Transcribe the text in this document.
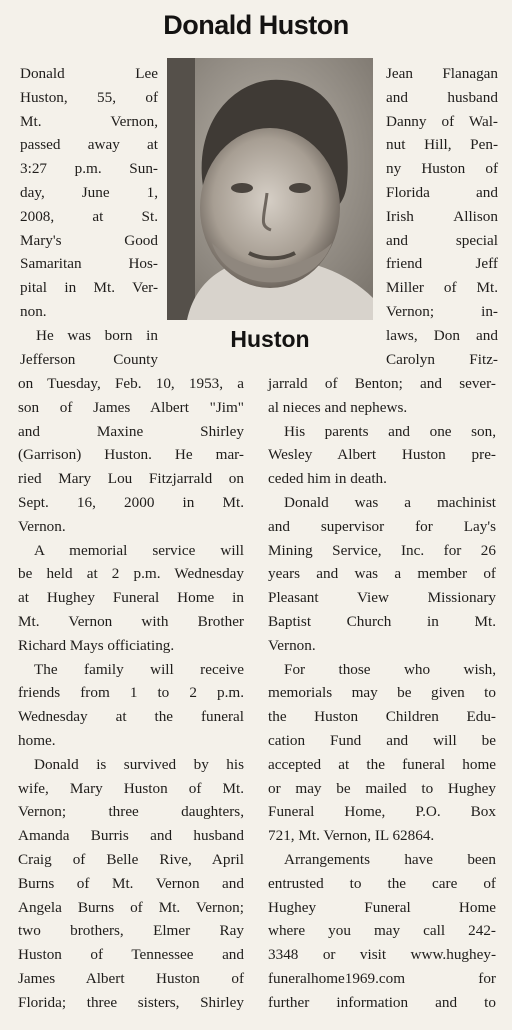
Donald Huston
Huston
Donald Lee
Huston, 55, of
Mt. Vernon,
passed away at
3:27 p.m. Sun-
day, June 1,
2008, at St.
Mary's Good
Samaritan Hos-
pital in Mt. Ver-
non.
He was born in
Jefferson County
on Tuesday, Feb. 10, 1953, a
son of James Albert "Jim"
and Maxine Shirley
(Garrison) Huston. He mar-
ried Mary Lou Fitzjarrald on
Sept. 16, 2000 in Mt.
Vernon.
A memorial service will
be held at 2 p.m. Wednesday
at Hughey Funeral Home in
Mt. Vernon with Brother
Richard Mays officiating.
The family will receive
friends from 1 to 2 p.m.
Wednesday at the funeral
home.
Donald is survived by his
wife, Mary Huston of Mt.
Vernon; three daughters,
Amanda Burris and husband
Craig of Belle Rive, April
Burns of Mt. Vernon and
Angela Burns of Mt. Vernon;
two brothers, Elmer Ray
Huston of Tennessee and
James Albert Huston of
Florida; three sisters, Shirley
Jean Flanagan
and husband
Danny of Wal-
nut Hill, Pen-
ny Huston of
Florida and
Irish Allison
and special
friend Jeff
Miller of Mt.
Vernon; in-
laws, Don and
Carolyn Fitz-
jarrald of Benton; and sever-
al nieces and nephews.
His parents and one son,
Wesley Albert Huston pre-
ceded him in death.
Donald was a machinist
and supervisor for Lay's
Mining Service, Inc. for 26
years and was a member of
Pleasant View Missionary
Baptist Church in Mt.
Vernon.
For those who wish,
memorials may be given to
the Huston Children Edu-
cation Fund and will be
accepted at the funeral home
or may be mailed to Hughey
Funeral Home, P.O. Box
721, Mt. Vernon, IL 62864.
Arrangements have been
entrusted to the care of
Hughey Funeral Home
where you may call 242-
3348 or visit www.hughey-
funeralhome1969.com for
further information and to
